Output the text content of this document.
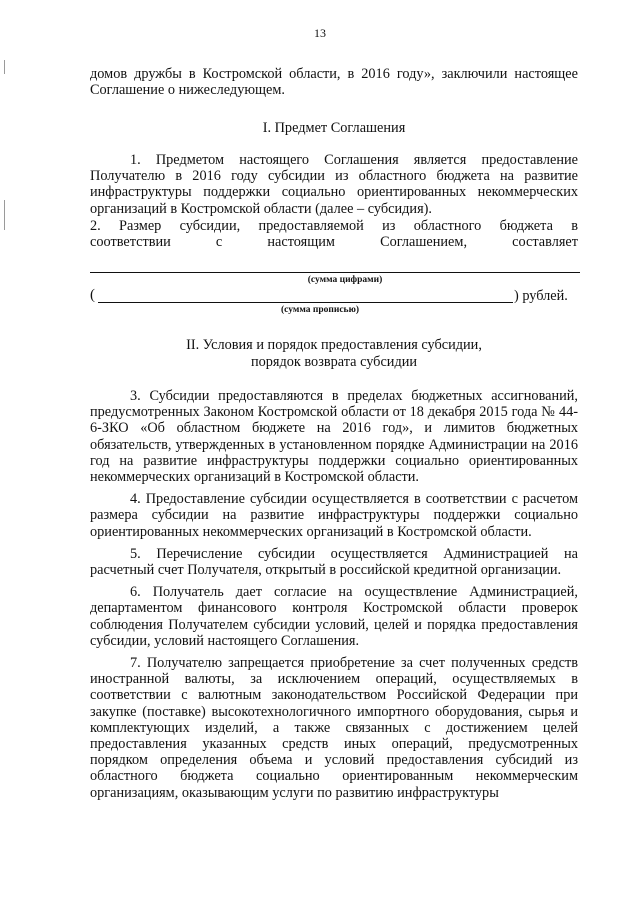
13

домов дружбы в Костромской области, в 2016 году», заключили настоящее Соглашение о нижеследующем.

I. Предмет Соглашения

1. Предметом настоящего Соглашения является предоставление Получателю в 2016 году субсидии из областного бюджета на развитие инфраструктуры поддержки социально ориентированных некоммерческих организаций в Костромской области (далее – субсидия).

2. Размер субсидии, предоставляемой из областного бюджета в
соответствии с настоящим Соглашением, составляет
(сумма цифрами)
(	) рублей.
(сумма прописью)
II. Условия и порядок предоставления субсидии,
порядок возврата субсидии

3. Субсидии предоставляются в пределах бюджетных ассигнований, предусмотренных Законом Костромской области от 18 декабря 2015 года № 44-6-ЗКО «Об областном бюджете на 2016 год», и лимитов бюджетных обязательств, утвержденных в установленном порядке Администрации на 2016 год на развитие инфраструктуры поддержки социально ориентированных некоммерческих организаций в Костромской области.

4. Предоставление субсидии осуществляется в соответствии с расчетом размера субсидии на развитие инфраструктуры поддержки социально ориентированных некоммерческих организаций в Костромской области.

5. Перечисление субсидии осуществляется Администрацией на расчетный счет Получателя, открытый в российской кредитной организации.

6. Получатель дает согласие на осуществление Администрацией, департаментом финансового контроля Костромской области проверок соблюдения Получателем субсидии условий, целей и порядка предоставления субсидии, условий настоящего Соглашения.

7. Получателю запрещается приобретение за счет полученных средств иностранной валюты, за исключением операций, осуществляемых в соответствии с валютным законодательством Российской Федерации при закупке (поставке) высокотехнологичного импортного оборудования, сырья и комплектующих изделий, а также связанных с достижением целей предоставления указанных средств иных операций, предусмотренных порядком определения объема и условий предоставления субсидий из областного бюджета социально ориентированным некоммерческим организациям, оказывающим услуги по развитию инфраструктуры
